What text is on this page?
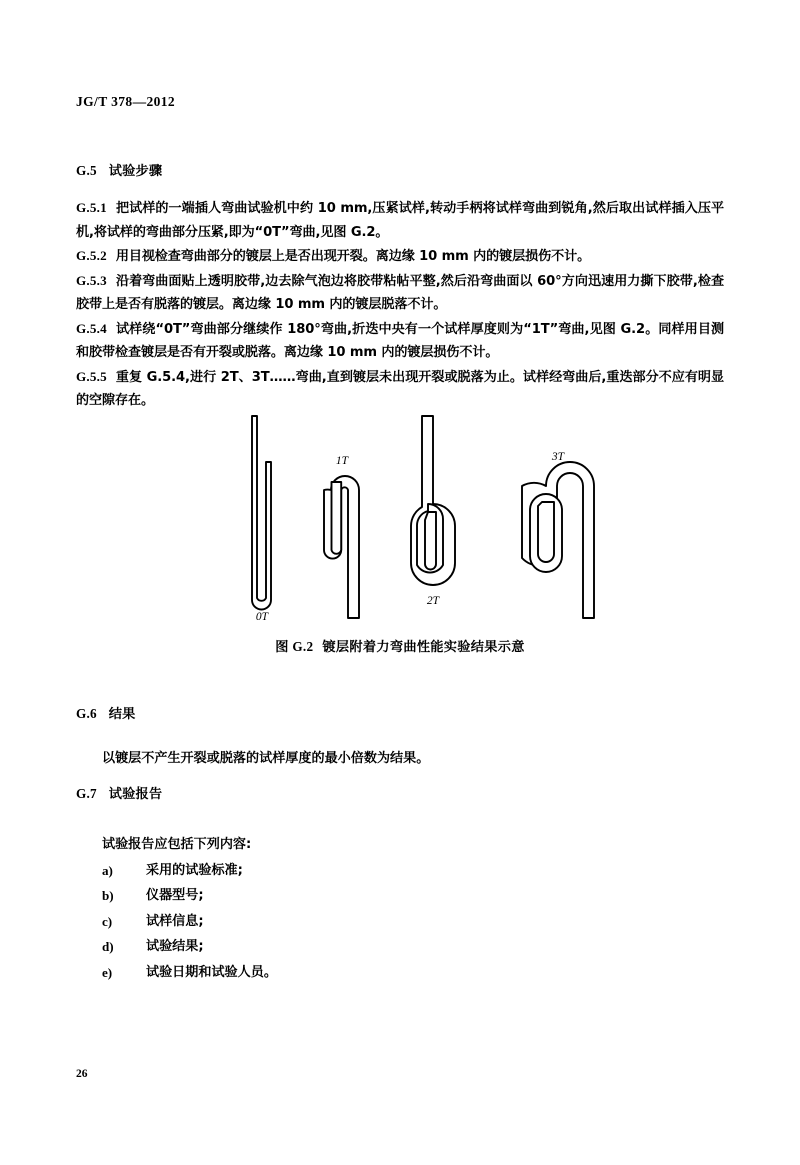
JG/T 378—2012
G.5 试验步骤

G.5.1 把试样的一端插人弯曲试验机中约 10 mm,压紧试样,转动手柄将试样弯曲到锐角,然后取出试样插入压平机,将试样的弯曲部分压紧,即为“0T”弯曲,见图 G.2。

G.5.2 用目视检查弯曲部分的镀层上是否出现开裂。离边缘 10 mm 内的镀层损伤不计。

G.5.3 沿着弯曲面贴上透明胶带,边去除气泡边将胶带粘帖平整,然后沿弯曲面以 60°方向迅速用力撕下胶带,检查胶带上是否有脱落的镀层。离边缘 10 mm 内的镀层脱落不计。

G.5.4 试样绕“0T”弯曲部分继续作 180°弯曲,折迭中央有一个试样厚度则为“1T”弯曲,见图 G.2。同样用目测和胶带检查镀层是否有开裂或脱落。离边缘 10 mm 内的镀层损伤不计。

G.5.5 重复 G.5.4,进行 2T、3T……弯曲,直到镀层未出现开裂或脱落为止。试样经弯曲后,重迭部分不应有明显的空隙存在。

0T
1T
2T
3T
图 G.2 镀层附着力弯曲性能实验结果示意
G.6 结果

以镀层不产生开裂或脱落的试样厚度的最小倍数为结果。

G.7 试验报告

试验报告应包括下列内容:

a)	采用的试验标准;
b)	仪器型号;
c)	试样信息;
d)	试验结果;
e)	试验日期和试验人员。
26
